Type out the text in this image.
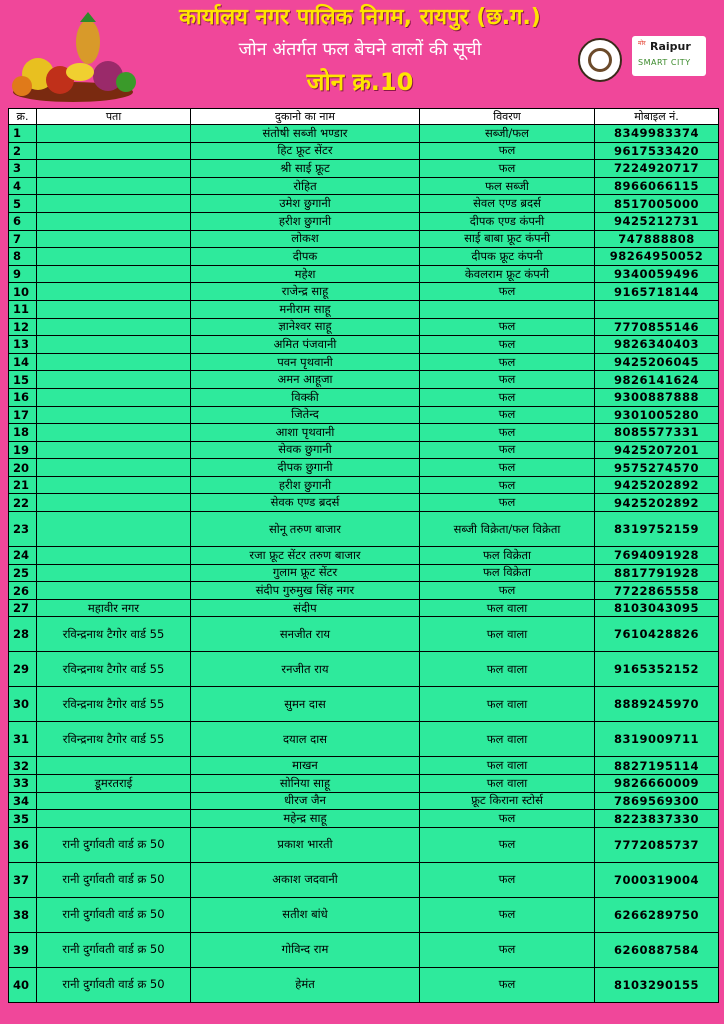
कार्यालय नगर पालिक निगम, रायपुर (छ.ग.)
जोन अंतर्गत फल बेचने वालों की सूची
जोन क्र.10
मोर Raipur
SMART CITY
क्र.	पता	दुकानो का नाम	विवरण	मोबाइल नं.
1		संतोषी सब्जी भण्डार	सब्जी/फल	8349983374
2		हिट फ्रूट सेंटर	फल	9617533420
3		श्री साई फ्रूट	फल	7224920717
4		रोहित	फल सब्जी	8966066115
5		उमेश छुगानी	सेवल एण्ड ब्रदर्स	8517005000
6		हरीश छुगानी	दीपक एण्ड कंपनी	9425212731
7		लोकश	साई बाबा फ्रूट कंपनी	747888808
8		दीपक	दीपक फ्रूट कंपनी	98264950052
9		महेश	केवलराम फ्रूट कंपनी	9340059496
10		राजेन्द्र साहू	फल	9165718144
11		मनीराम साहू		
12		ज्ञानेश्वर साहू	फल	7770855146
13		अमित पंजवानी	फल	9826340403
14		पवन पृथवानी	फल	9425206045
15		अमन आहूजा	फल	9826141624
16		विक्की	फल	9300887888
17		जितेन्द	फल	9301005280
18		आशा पृथवानी	फल	8085577331
19		सेवक छुगानी	फल	9425207201
20		दीपक छुगानी	फल	9575274570
21		हरीश छुगानी	फल	9425202892
22		सेवक एण्ड ब्रदर्स	फल	9425202892
23		सोनू तरुण बाजार	सब्जी विक्रेता/फल विक्रेता	8319752159
24		रजा फ्रूट सेंटर तरुण बाजार	फल विक्रेता	7694091928
25		गुलाम फ्रूट सेंटर	फल विक्रेता	8817791928
26		संदीप गुरुमुख सिंह नगर	फल	7722865558
27	महावीर नगर	संदीप	फल वाला	8103043095
28	रविन्द्रनाथ टैगोर वार्ड 55	सनजीत राय	फल वाला	7610428826
29	रविन्द्रनाथ टैगोर वार्ड 55	रनजीत राय	फल वाला	9165352152
30	रविन्द्रनाथ टैगोर वार्ड 55	सुमन दास	फल वाला	8889245970
31	रविन्द्रनाथ टैगोर वार्ड 55	दयाल दास	फल वाला	8319009711
32		माखन	फल वाला	8827195114
33	डूमरतराई	सोनिया साहू	फल वाला	9826660009
34		धीरज जैन	फ्रूट किराना स्टोर्स	7869569300
35		महेन्द्र साहू	फल	8223837330
36	रानी दुर्गावती वार्ड क्र 50	प्रकाश भारती	फल	7772085737
37	रानी दुर्गावती वार्ड क्र 50	अकाश जदवानी	फल	7000319004
38	रानी दुर्गावती वार्ड क्र 50	सतीश बांधे	फल	6266289750
39	रानी दुर्गावती वार्ड क्र 50	गोविन्द राम	फल	6260887584
40	रानी दुर्गावती वार्ड क्र 50	हेमंत	फल	8103290155
